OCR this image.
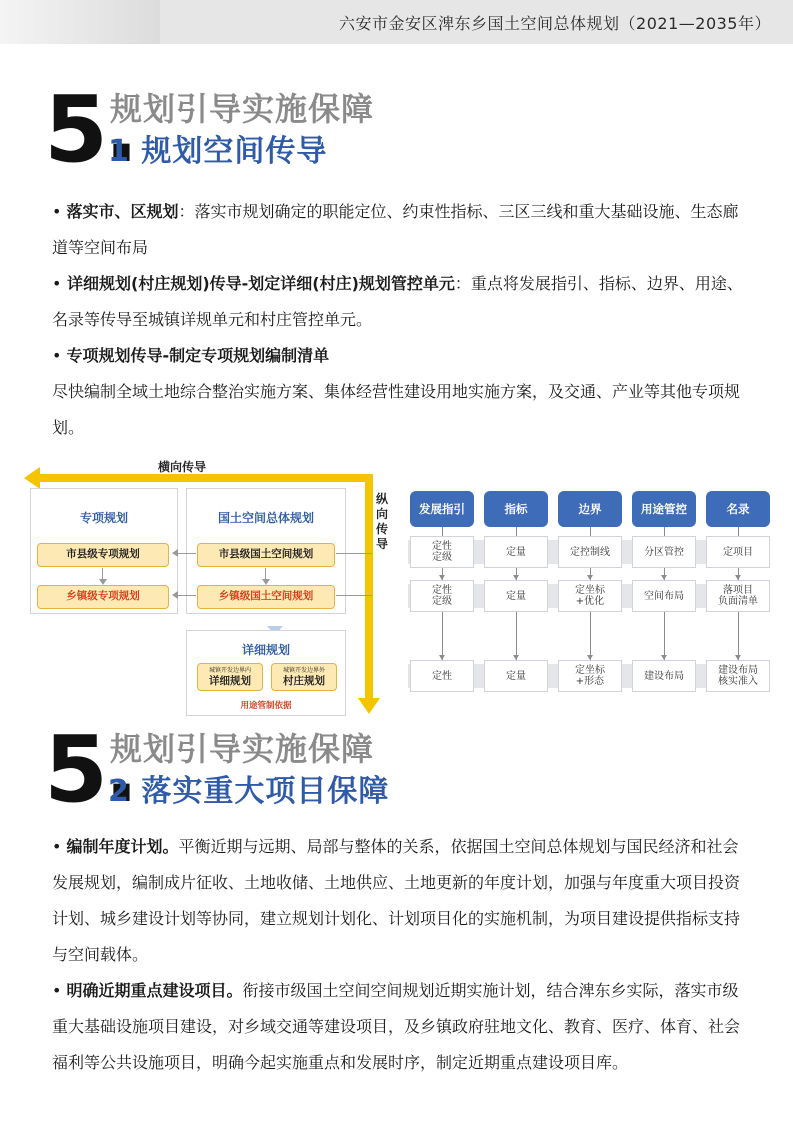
六安市金安区渒东乡国土空间总体规划（2021—2035年）
5.
规划引导实施保障
1 规划空间传导

• 落实市、区规划：落实市规划确定的职能定位、约束性指标、三区三线和重大基础设施、生态廊道等空间布局

• 详细规划(村庄规划)传导-划定详细(村庄)规划管控单元：重点将发展指引、指标、边界、用途、名录等传导至城镇详规单元和村庄管控单元。

• 专项规划传导-制定专项规划编制清单

尽快编制全域土地综合整治实施方案、集体经营性建设用地实施方案，及交通、产业等其他专项规划。

横向传导
纵向传导
专项规划
市县级专项规划
乡镇级专项规划
国土空间总体规划
市县级国土空间规划
乡镇级国土空间规划
详细规划
城镇开发边界内
详细规划
城镇开发边界外
村庄规划
用途管制依据
发展指引
定性
定级
定性
定级
定性
指标
定量
定量
定量
边界
定控制线
定坐标
+优化
定坐标
+形态
用途管控
分区管控
空间布局
建设布局
名录
定项目
落项目
负面清单
建设布局
核实准入
5.
规划引导实施保障
2 落实重大项目保障

• 编制年度计划。平衡近期与远期、局部与整体的关系，依据国土空间总体规划与国民经济和社会发展规划，编制成片征收、土地收储、土地供应、土地更新的年度计划，加强与年度重大项目投资计划、城乡建设计划等协同，建立规划计划化、计划项目化的实施机制，为项目建设提供指标支持与空间载体。

• 明确近期重点建设项目。衔接市级国土空间空间规划近期实施计划，结合渒东乡实际，落实市级重大基础设施项目建设，对乡域交通等建设项目，及乡镇政府驻地文化、教育、医疗、体育、社会福利等公共设施项目，明确今起实施重点和发展时序，制定近期重点建设项目库。
